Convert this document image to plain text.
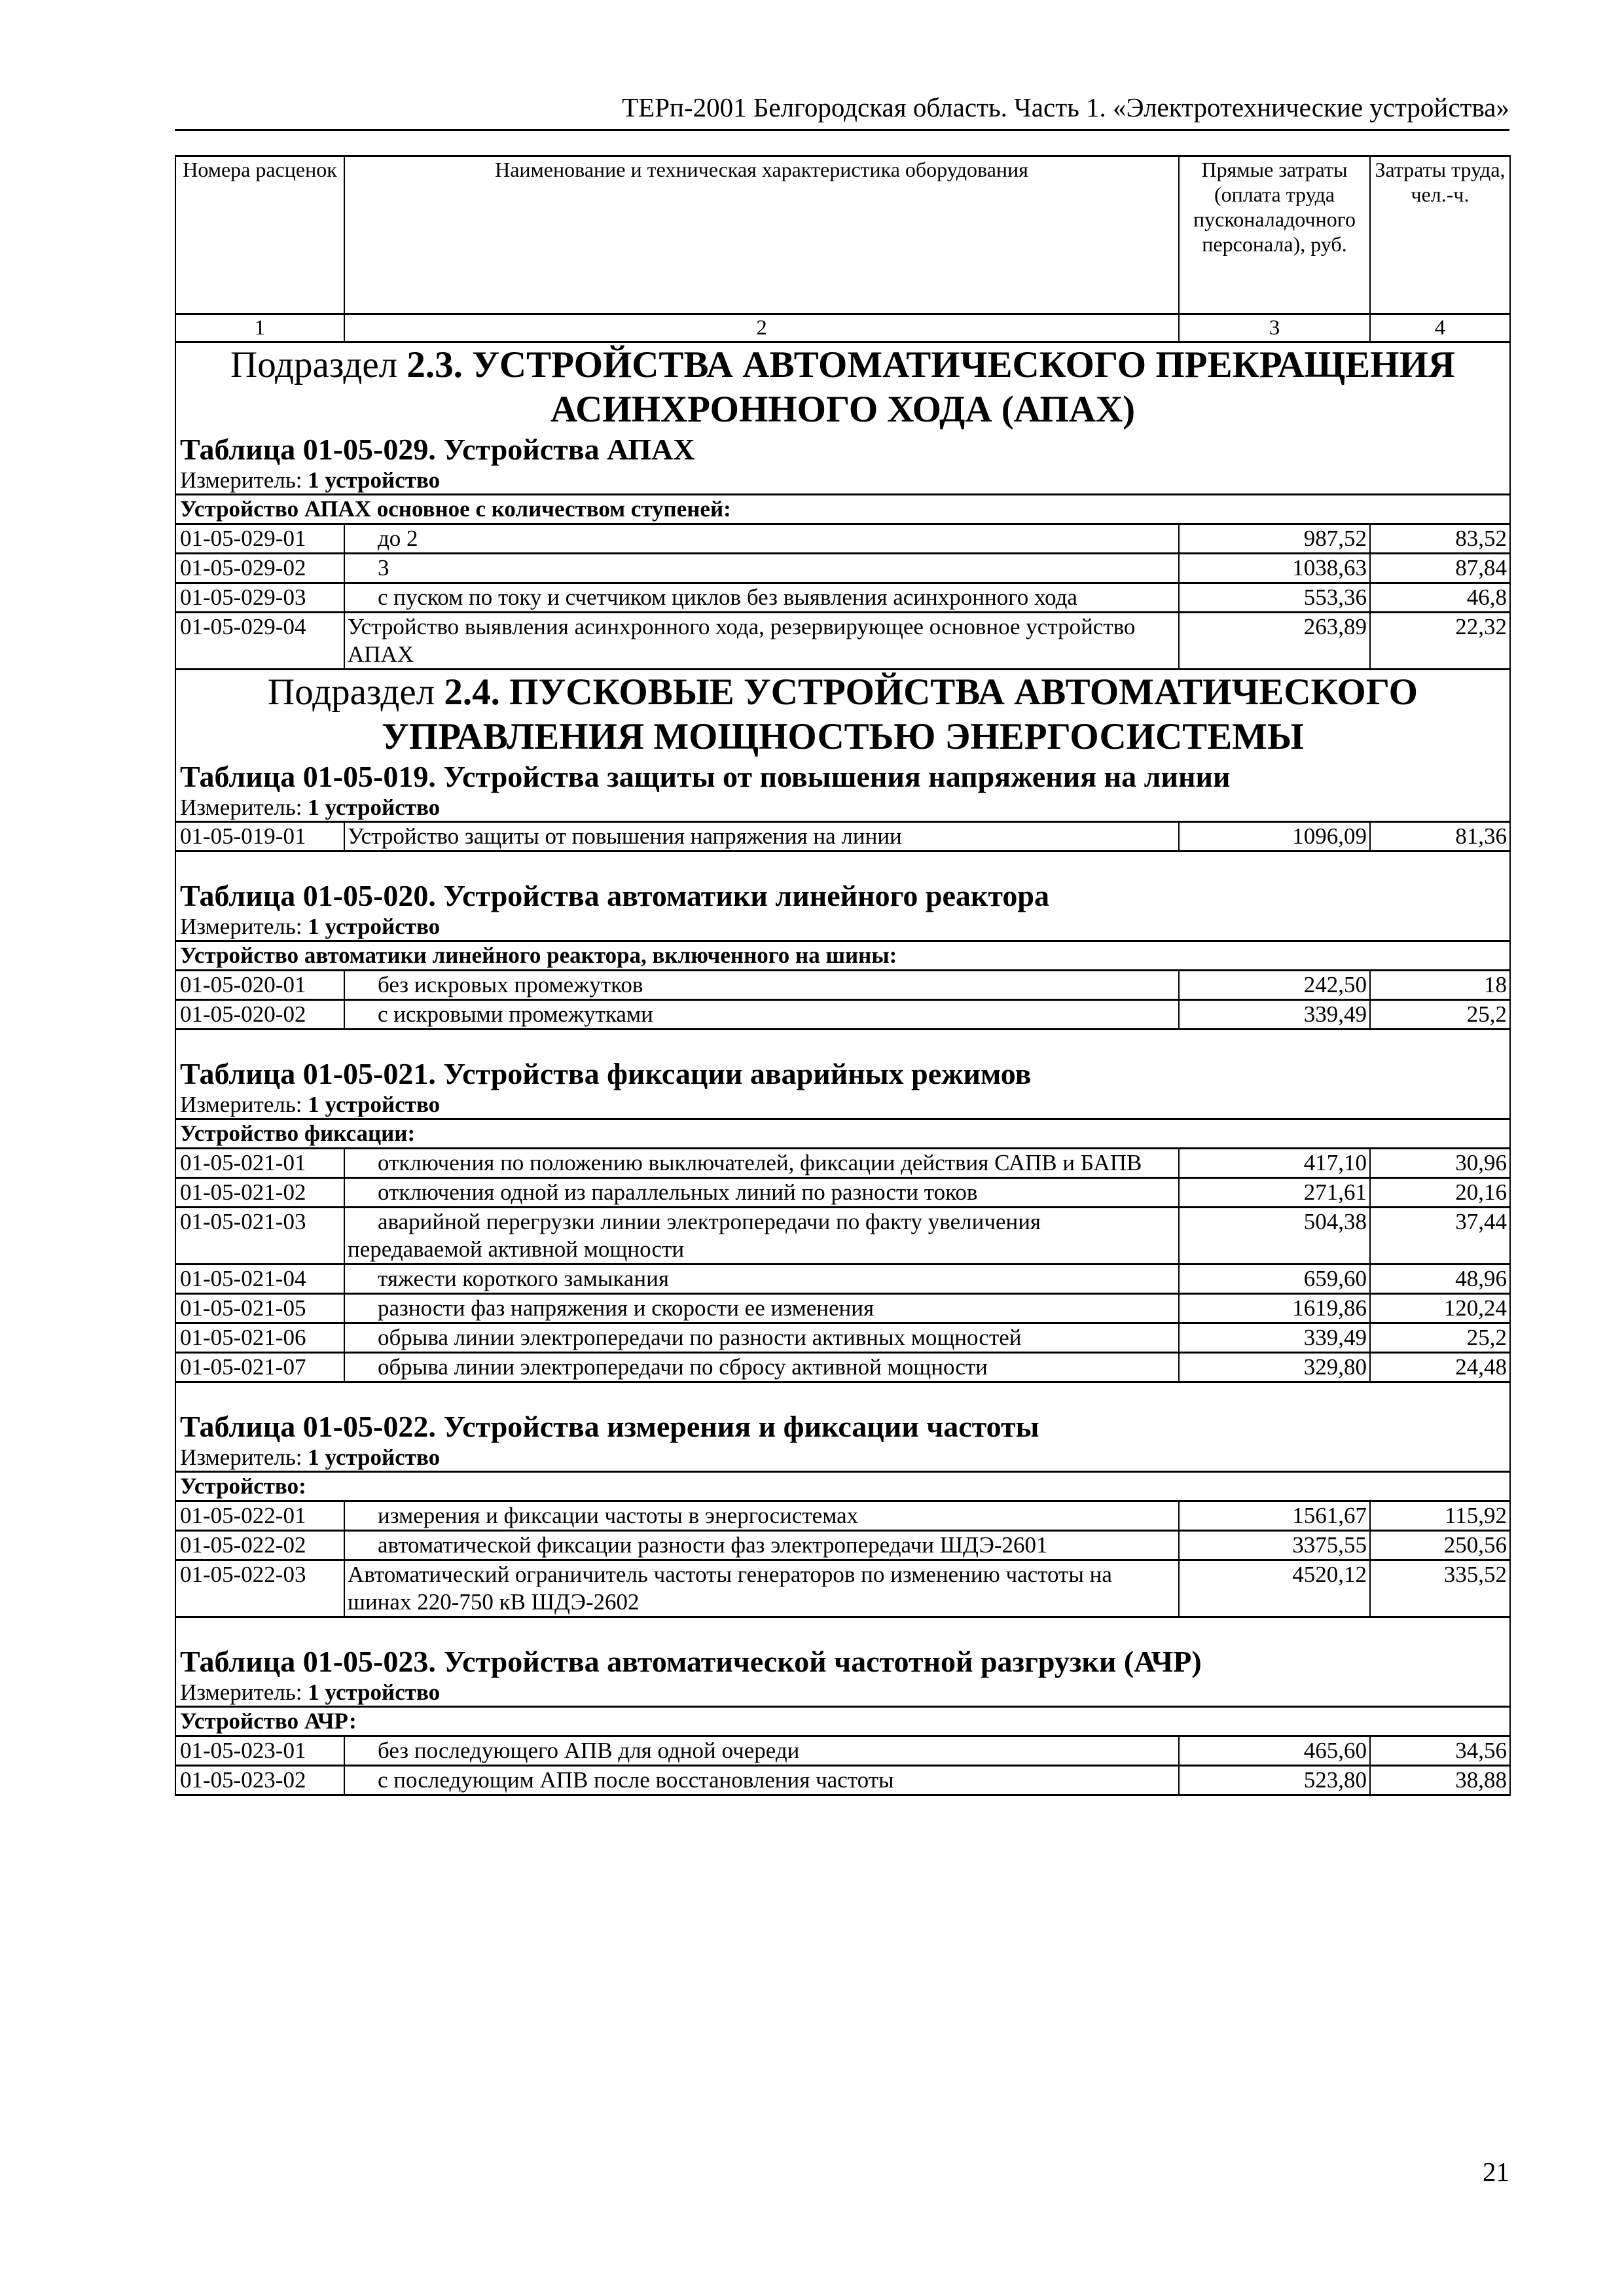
ТЕРп-2001 Белгородская область. Часть 1. «Электротехнические устройства»
Номера расценок	Наименование и техническая характеристика оборудования	Прямые затраты (оплата труда пусконаладочного персонала), руб.	Затраты труда, чел.-ч.
1	2	3	4
Подраздел 2.3. УСТРОЙСТВА АВТОМАТИЧЕСКОГО ПРЕКРАЩЕНИЯ АСИНХРОННОГО ХОДА (АПАХ)			
Таблица 01-05-029. Устройства АПАХ			
Измеритель: 1 устройство			
Устройство АПАХ основное с количеством ступеней:			
01-05-029-01	до 2	987,52	83,52
01-05-029-02	3	1038,63	87,84
01-05-029-03	с пуском по току и счетчиком циклов без выявления асинхронного хода	553,36	46,8
01-05-029-04	Устройство выявления асинхронного хода, резервирующее основное устройство АПАХ	263,89	22,32
Подраздел 2.4. ПУСКОВЫЕ УСТРОЙСТВА АВТОМАТИЧЕСКОГО УПРАВЛЕНИЯ МОЩНОСТЬЮ ЭНЕРГОСИСТЕМЫ			
Таблица 01-05-019. Устройства защиты от повышения напряжения на линии			
Измеритель: 1 устройство			
01-05-019-01	Устройство защиты от повышения напряжения на линии	1096,09	81,36

Таблица 01-05-020. Устройства автоматики линейного реактора			
Измеритель: 1 устройство			
Устройство автоматики линейного реактора, включенного на шины:			
01-05-020-01	без искровых промежутков	242,50	18
01-05-020-02	с искровыми промежутками	339,49	25,2

Таблица 01-05-021. Устройства фиксации аварийных режимов			
Измеритель: 1 устройство			
Устройство фиксации:			
01-05-021-01	отключения по положению выключателей, фиксации действия САПВ и БАПВ	417,10	30,96
01-05-021-02	отключения одной из параллельных линий по разности токов	271,61	20,16
01-05-021-03	аварийной перегрузки линии электропередачи по факту увеличения передаваемой активной мощности	504,38	37,44
01-05-021-04	тяжести короткого замыкания	659,60	48,96
01-05-021-05	разности фаз напряжения и скорости ее изменения	1619,86	120,24
01-05-021-06	обрыва линии электропередачи по разности активных мощностей	339,49	25,2
01-05-021-07	обрыва линии электропередачи по сбросу активной мощности	329,80	24,48

Таблица 01-05-022. Устройства измерения и фиксации частоты			
Измеритель: 1 устройство			
Устройство:			
01-05-022-01	измерения и фиксации частоты в энергосистемах	1561,67	115,92
01-05-022-02	автоматической фиксации разности фаз электропередачи ШДЭ-2601	3375,55	250,56
01-05-022-03	Автоматический ограничитель частоты генераторов по изменению частоты на шинах 220-750 кВ ШДЭ-2602	4520,12	335,52

Таблица 01-05-023. Устройства автоматической частотной разгрузки (АЧР)			
Измеритель: 1 устройство			
Устройство АЧР:			
01-05-023-01	без последующего АПВ для одной очереди	465,60	34,56
01-05-023-02	с последующим АПВ после восстановления частоты	523,80	38,88
21
